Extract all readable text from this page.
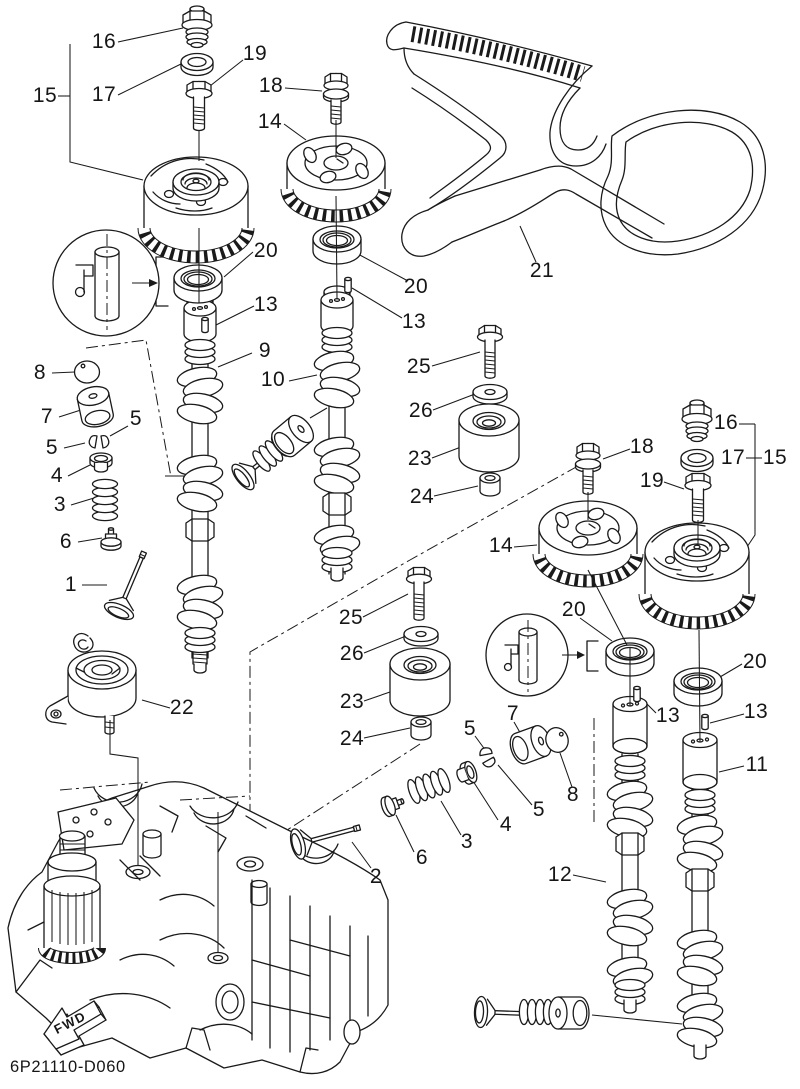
16
17
15
19
18
14
20
21
20
13
9
10
8
7	5
5
4
3
6
1
13
25
26
23
24
18
19
16
17 15
14
25
26
23
24
22
20
20
13	13
11
12
7
5
8
5
4
3
6
2
FWD
6P21110-D060
